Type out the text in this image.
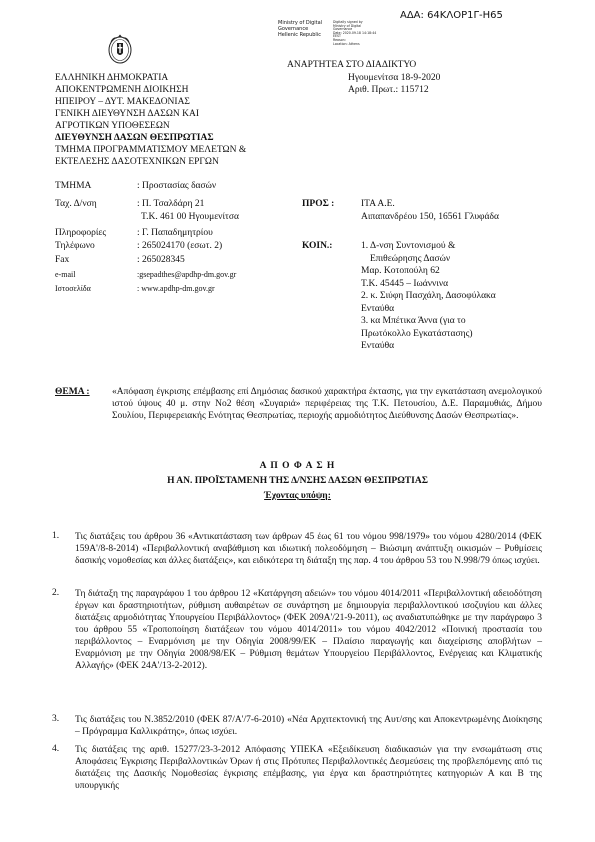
ΑΔΑ: 64ΚΛΟΡ1Γ-Η65
Ministry of Digital
Governance
Hellenic Republic
Digitally signed by
Ministry of Digital
Governance
Date: 2020.09.18 14:18:44
EEST
Reason:
Location: Athens
ΑΝΑΡΤΗΤΕΑ ΣΤΟ ΔΙΑΔΙΚΤΥΟ
ΕΛΛΗΝΙΚΗ ΔΗΜΟΚΡΑΤΙΑ
ΑΠΟΚΕΝΤΡΩΜΕΝΗ ΔΙΟΙΚΗΣΗ
ΗΠΕΙΡΟΥ – ΔΥΤ. ΜΑΚΕΔΟΝΙΑΣ
ΓΕΝΙΚΗ ΔΙΕΥΘΥΝΣΗ ΔΑΣΩΝ ΚΑΙ
ΑΓΡΟΤΙΚΩΝ ΥΠΟΘΕΣΕΩΝ
ΔΙΕΥΘΥΝΣΗ ΔΑΣΩΝ ΘΕΣΠΡΩΤΙΑΣ
ΤΜΗΜΑ ΠΡΟΓΡΑΜΜΑΤΙΣΜΟΥ ΜΕΛΕΤΩΝ &
ΕΚΤΕΛΕΣΗΣ ΔΑΣΟΤΕΧΝΙΚΩΝ ΕΡΓΩΝ
Ηγουμενίτσα 18-9-2020
Αριθ. Πρωτ.: 115712
ΤΜΗΜΑ	: Προστασίας δασών
Ταχ. Δ/νση	: Π. Τσαλδάρη 21
Τ.Κ. 461 00 Ηγουμενίτσα
Πληροφορίες	: Γ. Παπαδημητρίου
Τηλέφωνο	: 265024170 (εσωτ. 2)
Fax	: 265028345
e-mail	:gsepadthes@apdhp-dm.gov.gr
Ιστοσελίδα	: www.apdhp-dm.gov.gr
ΠΡΟΣ :	ΙΤΑ Α.Ε.
Αιπαπανδρέου 150, 16561 Γλυφάδα
ΚΟΙΝ.:	1. Δ-νση Συντονισμού &
Επιθεώρησης Δασών
Μαρ. Κοτοπούλη 62
Τ.Κ. 45445 – Ιωάννινα
2. κ. Σιύφη Πασχάλη, Δασοφύλακα
Ενταύθα
3. κα Μπέτικα Άννα (για το
Πρωτόκολλο Εγκατάστασης)
Ενταύθα
ΘΕΜΑ : «Απόφαση έγκρισης επέμβασης επί Δημόσιας δασικού χαρακτήρα έκτασης, για την εγκατάσταση ανεμολογικού ιστού ύψους 40 μ. στην Νο2 θέση «Συγαριά» περιφέρειας της Τ.Κ. Πετουσίου, Δ.Ε. Παραμυθιάς, Δήμου Σουλίου, Περιφερειακής Ενότητας Θεσπρωτίας, περιοχής αρμοδιότητος Διεύθυνσης Δασών Θεσπρωτίας».
Α Π Ο Φ Α Σ Η
Η ΑΝ. ΠΡΟΪΣΤΑΜΕΝΗ ΤΗΣ Δ/ΝΣΗΣ ΔΑΣΩΝ ΘΕΣΠΡΩΤΙΑΣ
Έχοντας υπόψη:
1. Τις διατάξεις του άρθρου 36 «Αντικατάσταση των άρθρων 45 έως 61 του νόμου 998/1979» του νόμου 4280/2014 (ΦΕΚ 159Α'/8-8-2014) «Περιβαλλοντική αναβάθμιση και ιδιωτική πολεοδόμηση – Βιώσιμη ανάπτυξη οικισμών – Ρυθμίσεις δασικής νομοθεσίας και άλλες διατάξεις», και ειδικότερα τη διάταξη της παρ. 4 του άρθρου 53 του Ν.998/79 όπως ισχύει.
2. Τη διάταξη της παραγράφου 1 του άρθρου 12 «Κατάργηση αδειών» του νόμου 4014/2011 «Περιβαλλοντική αδειοδότηση έργων και δραστηριοτήτων, ρύθμιση αυθαιρέτων σε συνάρτηση με δημιουργία περιβαλλοντικού ισοζυγίου και άλλες διατάξεις αρμοδιότητας Υπουργείου Περιβάλλοντος» (ΦΕΚ 209Α'/21-9-2011), ως αναδιατυπώθηκε με την παράγραφο 3 του άρθρου 55 «Τροποποίηση διατάξεων του νόμου 4014/2011» του νόμου 4042/2012 «Ποινική προστασία του περιβάλλοντος – Εναρμόνιση με την Οδηγία 2008/99/ΕΚ – Πλαίσιο παραγωγής και διαχείρισης αποβλήτων – Εναρμόνιση με την Οδηγία 2008/98/ΕΚ – Ρύθμιση θεμάτων Υπουργείου Περιβάλλοντος, Ενέργειας και Κλιματικής Αλλαγής» (ΦΕΚ 24Α'/13-2-2012).
3. Τις διατάξεις του Ν.3852/2010 (ΦΕΚ 87/Α'/7-6-2010) «Νέα Αρχιτεκτονική της Αυτ/σης και Αποκεντρωμένης Διοίκησης – Πρόγραμμα Καλλικράτης», όπως ισχύει.
4. Τις διατάξεις της αριθ. 15277/23-3-2012 Απόφασης ΥΠΕΚΑ «Εξειδίκευση διαδικασιών για την ενσωμάτωση στις Αποφάσεις Έγκρισης Περιβαλλοντικών Όρων ή στις Πρότυπες Περιβαλλοντικές Δεσμεύσεις της προβλεπόμενης από τις διατάξεις της Δασικής Νομοθεσίας έγκρισης επέμβασης, για έργα και δραστηριότητες κατηγοριών Α και Β της υπουργικής
